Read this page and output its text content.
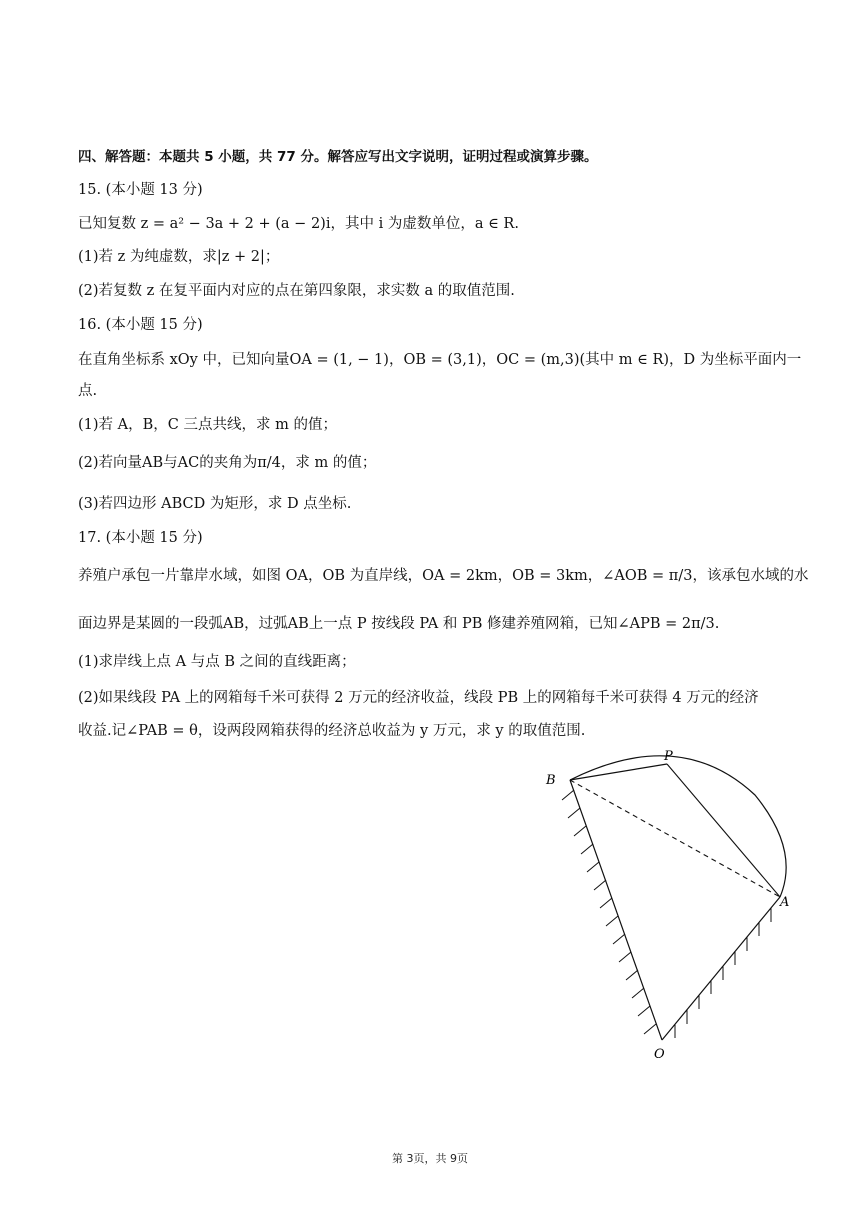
四、解答题：本题共 5 小题，共 77 分。解答应写出文字说明，证明过程或演算步骤。
15. (本小题 13 分)
已知复数 z = a² − 3a + 2 + (a − 2)i，其中 i 为虚数单位，a ∈ R.
(1)若 z 为纯虚数，求|z + 2|；
(2)若复数 z 在复平面内对应的点在第四象限，求实数 a 的取值范围.
16. (本小题 15 分)
在直角坐标系 xOy 中，已知向量OA = (1, − 1)，OB = (3,1)，OC = (m,3)(其中 m ∈ R)，D 为坐标平面内一
点.
(1)若 A，B，C 三点共线，求 m 的值；
(2)若向量AB与AC的夹角为π/4，求 m 的值；
(3)若四边形 ABCD 为矩形，求 D 点坐标.
17. (本小题 15 分)
养殖户承包一片靠岸水域，如图 OA，OB 为直岸线，OA = 2km，OB = 3km，∠AOB = π/3，该承包水域的水
面边界是某圆的一段弧AB，过弧AB上一点 P 按线段 PA 和 PB 修建养殖网箱，已知∠APB = 2π/3.
(1)求岸线上点 A 与点 B 之间的直线距离；
(2)如果线段 PA 上的网箱每千米可获得 2 万元的经济收益，线段 PB 上的网箱每千米可获得 4 万元的经济
收益.记∠PAB = θ，设两段网箱获得的经济总收益为 y 万元，求 y 的取值范围.
B
P
A
O
第 3页，共 9页
